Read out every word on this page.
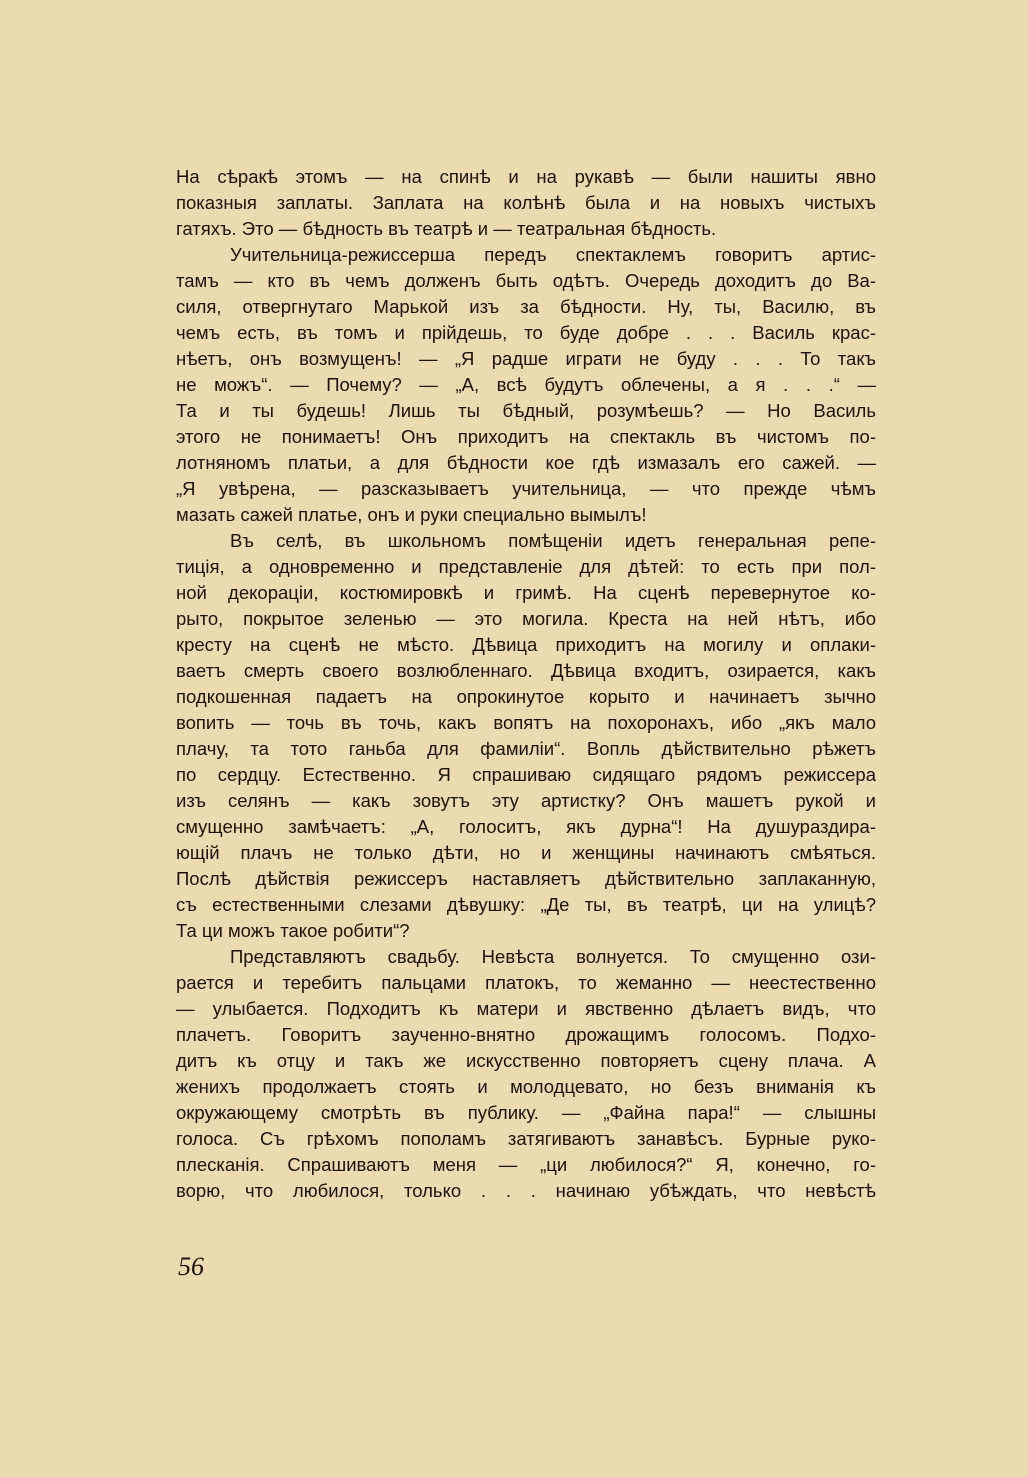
На сѣракѣ этомъ — на спинѣ и на рукавѣ — были нашиты явно
показныя заплаты. Заплата на колѣнѣ была и на новыхъ чистыхъ
гатяхъ. Это — бѣдность въ театрѣ и — театральная бѣдность.
Учительница-режиссерша передъ спектаклемъ говоритъ артис-
тамъ — кто въ чемъ долженъ быть одѣтъ. Очередь доходитъ до Ва-
силя, отвергнутаго Марькой изъ за бѣдности. Ну, ты, Василю, въ
чемъ есть, въ томъ и прійдешь, то буде добре . . . Василь крас-
нѣетъ, онъ возмущенъ! — „Я радше играти не буду . . . То такъ
не можъ“. — Почему? — „А, всѣ будутъ облечены, а я . . .“ —
Та и ты будешь! Лишь ты бѣдный, розумѣешь? — Но Василь
этого не понимаетъ! Онъ приходитъ на спектакль въ чистомъ по-
лотняномъ платьи, а для бѣдности кое гдѣ измазалъ его сажей. —
„Я увѣрена, — разсказываетъ учительница, — что прежде чѣмъ
мазать сажей платье, онъ и руки специально вымылъ!
Въ селѣ, въ школьномъ помѣщеніи идетъ генеральная репе-
тиція, а одновременно и представленіе для дѣтей: то есть при пол-
ной декораціи, костюмировкѣ и гримѣ. На сценѣ перевернутое ко-
рыто, покрытое зеленью — это могила. Креста на ней нѣтъ, ибо
кресту на сценѣ не мѣсто. Дѣвица приходитъ на могилу и оплаки-
ваетъ смерть своего возлюбленнаго. Дѣвица входитъ, озирается, какъ
подкошенная падаетъ на опрокинутое корыто и начинаетъ зычно
вопить — точь въ точь, какъ вопятъ на похоронахъ, ибо „якъ мало
плачу, та тото ганьба для фамиліи“. Вопль дѣйствительно рѣжетъ
по сердцу. Естественно. Я спрашиваю сидящаго рядомъ режиссера
изъ селянъ — какъ зовутъ эту артистку? Онъ машетъ рукой и
смущенно замѣчаетъ: „А, голоситъ, якъ дурна“! На душураздира-
ющій плачъ не только дѣти, но и женщины начинаютъ смѣяться.
Послѣ дѣйствія режиссеръ наставляетъ дѣйствительно заплаканную,
съ естественными слезами дѣвушку: „Де ты, въ театрѣ, ци на улицѣ?
Та ци можъ такое робити“?
Представляютъ свадьбу. Невѣста волнуется. То смущенно ози-
рается и теребитъ пальцами платокъ, то жеманно — неестественно
— улыбается. Подходитъ къ матери и явственно дѣлаетъ видъ, что
плачетъ. Говоритъ заученно-внятно дрожащимъ голосомъ. Подхо-
дитъ къ отцу и такъ же искусственно повторяетъ сцену плача. А
женихъ продолжаетъ стоять и молодцевато, но безъ вниманія къ
окружающему смотрѣть въ публику. — „Файна пара!“ — слышны
голоса. Съ грѣхомъ пополамъ затягиваютъ занавѣсъ. Бурные руко-
плесканія. Спрашиваютъ меня — „ци любилося?“ Я, конечно, го-
ворю, что любилося, только . . . начинаю убѣждать, что невѣстѣ
56
